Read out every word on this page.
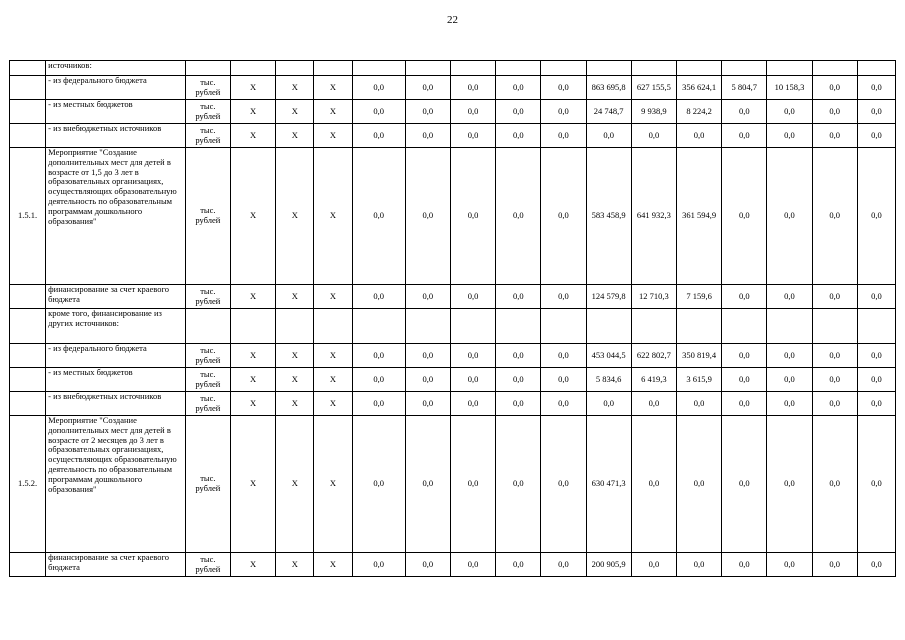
22
	источников:																
	- из федерального бюджета	тыс. рублей	X	X	X	0,0	0,0	0,0	0,0	0,0	863 695,8	627 155,5	356 624,1	5 804,7	10 158,3	0,0	0,0
	- из местных бюджетов	тыс. рублей	X	X	X	0,0	0,0	0,0	0,0	0,0	24 748,7	9 938,9	8 224,2	0,0	0,0	0,0	0,0
	- из внебюджетных источников	тыс. рублей	X	X	X	0,0	0,0	0,0	0,0	0,0	0,0	0,0	0,0	0,0	0,0	0,0	0,0
1.5.1.	Мероприятие "Создание дополнительных мест для детей в возрасте от 1,5 до 3 лет в образовательных организациях, осуществляющих образовательную деятельность по образовательным программам дошкольного образования"	тыс. рублей	X	X	X	0,0	0,0	0,0	0,0	0,0	583 458,9	641 932,3	361 594,9	0,0	0,0	0,0	0,0
	финансирование за счет краевого бюджета	тыс. рублей	X	X	X	0,0	0,0	0,0	0,0	0,0	124 579,8	12 710,3	7 159,6	0,0	0,0	0,0	0,0
	кроме того, финансирование из других источников:																
	- из федерального бюджета	тыс. рублей	X	X	X	0,0	0,0	0,0	0,0	0,0	453 044,5	622 802,7	350 819,4	0,0	0,0	0,0	0,0
	- из местных бюджетов	тыс. рублей	X	X	X	0,0	0,0	0,0	0,0	0,0	5 834,6	6 419,3	3 615,9	0,0	0,0	0,0	0,0
	- из внебюджетных источников	тыс. рублей	X	X	X	0,0	0,0	0,0	0,0	0,0	0,0	0,0	0,0	0,0	0,0	0,0	0,0
1.5.2.	Мероприятие "Создание дополнительных мест для детей в возрасте от 2 месяцев до 3 лет в образовательных организациях, осуществляющих образовательную деятельность по образовательным программам дошкольного образования"	тыс. рублей	X	X	X	0,0	0,0	0,0	0,0	0,0	630 471,3	0,0	0,0	0,0	0,0	0,0	0,0
	финансирование за счет краевого бюджета	тыс. рублей	X	X	X	0,0	0,0	0,0	0,0	0,0	200 905,9	0,0	0,0	0,0	0,0	0,0	0,0
